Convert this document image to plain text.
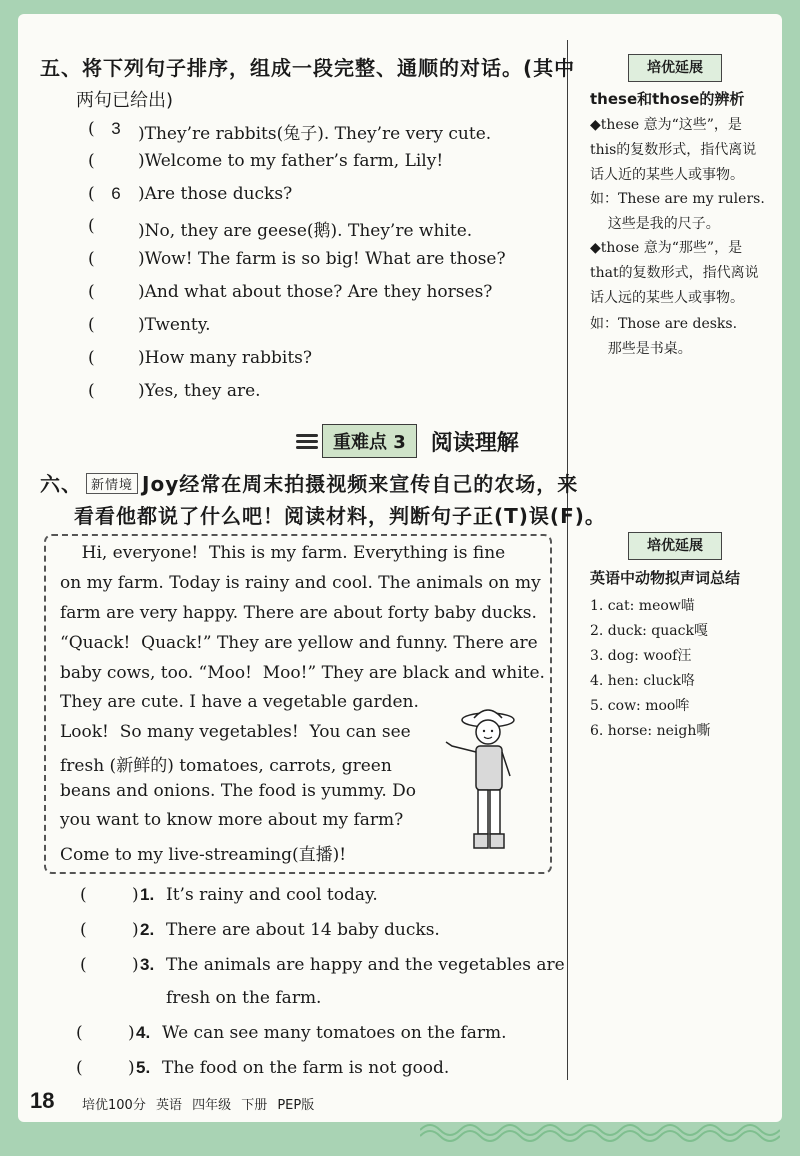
五、将下列句子排序，组成一段完整、通顺的对话。(其中
两句已给出)
( 3	)They’re rabbits(兔子). They’re very cute.
(	)Welcome to my father’s farm, Lily!
( 6	)Are those ducks?
(	)No, they are geese(鹅). They’re white.
(	)Wow! The farm is so big! What are those?
(	)And what about those? Are they horses?
(	)Twenty.
(	)How many rabbits?
(	)Yes, they are.
重难点 3	阅读理解
六、 新情境 Joy经常在周末拍摄视频来宣传自己的农场，来
看看他都说了什么吧！阅读材料，判断句子正(T)误(F)。
Hi, everyone!  This is my farm. Everything is fine
on my farm. Today is rainy and cool. The animals on my
farm are very happy. There are about forty baby ducks.
“Quack!  Quack!” They are yellow and funny. There are
baby cows, too. “Moo!  Moo!” They are black and white.
They are cute. I have a vegetable garden.
Look!  So many vegetables!  You can see
fresh (新鲜的) tomatoes, carrots, green
beans and onions. The food is yummy. Do
you want to know more about my farm?
Come to my live-streaming(直播)!
(	) 1. It’s rainy and cool today.
(	) 2. There are about 14 baby ducks.
(	) 3. The animals are happy and the vegetables are
fresh on the farm.
(	) 4. We can see many tomatoes on the farm.
(	) 5. The food on the farm is not good.
培优延展
these和those的辨析
◆these 意为“这些”，是
this的复数形式，指代离说
话人近的某些人或事物。
如：These are my rulers.
这些是我的尺子。
◆those 意为“那些”，是
that的复数形式，指代离说
话人远的某些人或事物。
如：Those are desks.
那些是书桌。
培优延展
英语中动物拟声词总结
1. cat: meow喵
2. duck: quack嘎
3. dog: woof汪
4. hen: cluck咯
5. cow: moo哞
6. horse: neigh嘶
18 培优100分 英语 四年级 下册 PEP版
